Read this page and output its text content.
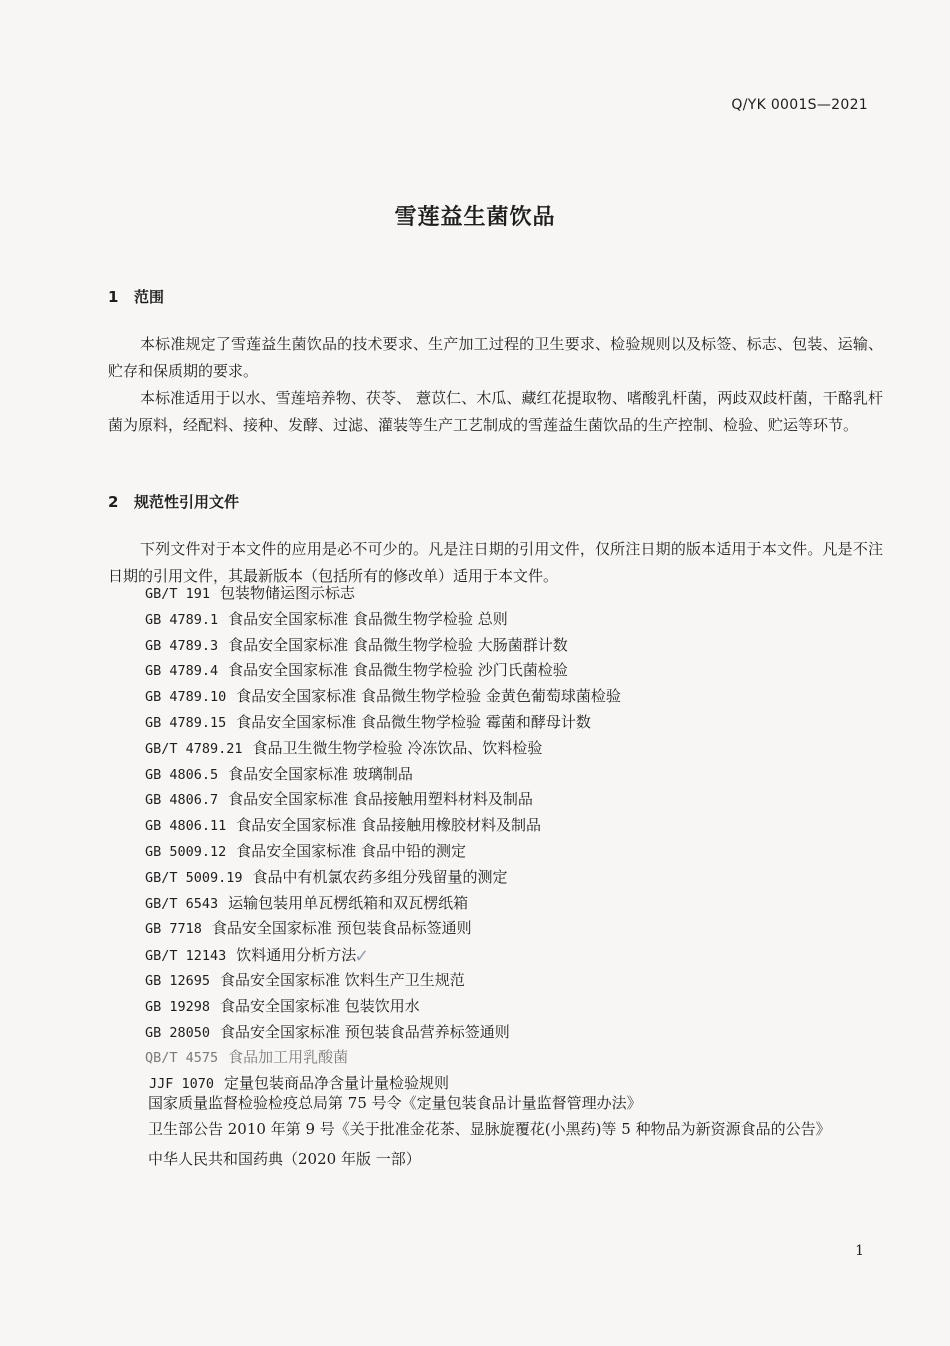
Q/YK 0001S—2021
雪莲益生菌饮品
1 范围
本标准规定了雪莲益生菌饮品的技术要求、生产加工过程的卫生要求、检验规则以及标签、标志、包装、运输、贮存和保质期的要求。
本标准适用于以水、雪莲培养物、茯苓、 薏苡仁、木瓜、藏红花提取物、嗜酸乳杆菌，两歧双歧杆菌，干酪乳杆菌为原料，经配料、接种、发酵、过滤、灌装等生产工艺制成的雪莲益生菌饮品的生产控制、检验、贮运等环节。
2 规范性引用文件
下列文件对于本文件的应用是必不可少的。凡是注日期的引用文件，仅所注日期的版本适用于本文件。凡是不注日期的引用文件，其最新版本（包括所有的修改单）适用于本文件。
GB/T 191 包装物储运图示标志
GB 4789.1 食品安全国家标准 食品微生物学检验 总则
GB 4789.3 食品安全国家标准 食品微生物学检验 大肠菌群计数
GB 4789.4 食品安全国家标准 食品微生物学检验 沙门氏菌检验
GB 4789.10 食品安全国家标准 食品微生物学检验 金黄色葡萄球菌检验
GB 4789.15 食品安全国家标准 食品微生物学检验 霉菌和酵母计数
GB/T 4789.21 食品卫生微生物学检验 冷冻饮品、饮料检验
GB 4806.5 食品安全国家标准 玻璃制品
GB 4806.7 食品安全国家标准 食品接触用塑料材料及制品
GB 4806.11 食品安全国家标准 食品接触用橡胶材料及制品
GB 5009.12 食品安全国家标准 食品中铅的测定
GB/T 5009.19 食品中有机氯农药多组分残留量的测定
GB/T 6543 运输包装用单瓦楞纸箱和双瓦楞纸箱
GB 7718 食品安全国家标准 预包装食品标签通则
GB/T 12143 饮料通用分析方法✓
GB 12695 食品安全国家标准 饮料生产卫生规范
GB 19298 食品安全国家标准 包装饮用水
GB 28050 食品安全国家标准 预包装食品营养标签通则
QB/T 4575 食品加工用乳酸菌
JJF 1070 定量包装商品净含量计量检验规则

国家质量监督检验检疫总局第 75 号令《定量包装食品计量监督管理办法》

卫生部公告 2010 年第 9 号《关于批准金花茶、显脉旋覆花(小黑药)等 5 种物品为新资源食品的公告》

中华人民共和国药典（2020 年版 一部）

1
